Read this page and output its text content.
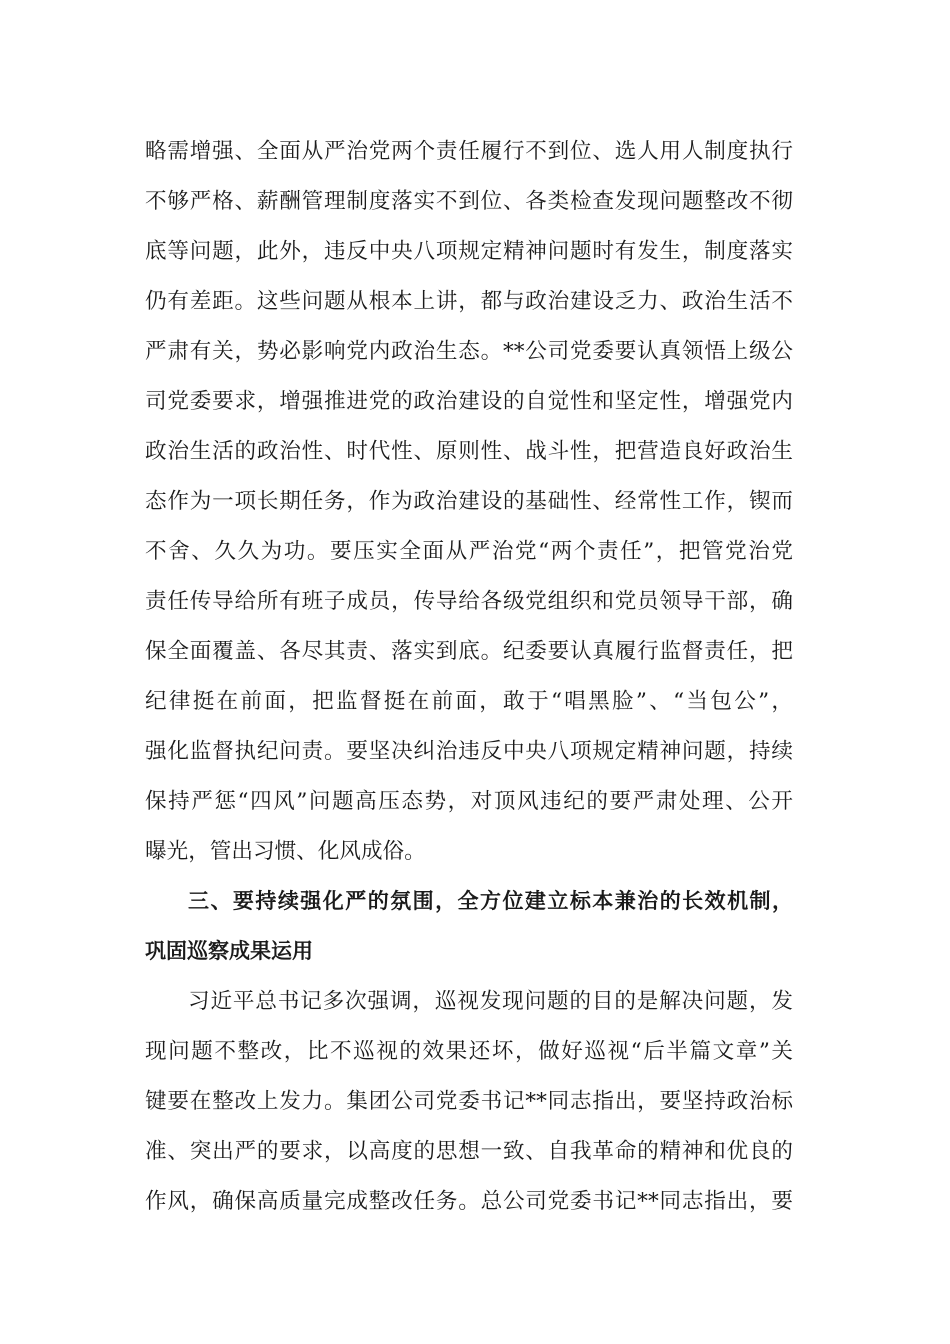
略需增强、全面从严治党两个责任履行不到位、选人用人制度执行
不够严格、薪酬管理制度落实不到位、各类检查发现问题整改不彻
底等问题，此外，违反中央八项规定精神问题时有发生，制度落实
仍有差距。这些问题从根本上讲，都与政治建设乏力、政治生活不
严肃有关，势必影响党内政治生态。**公司党委要认真领悟上级公
司党委要求，增强推进党的政治建设的自觉性和坚定性，增强党内
政治生活的政治性、时代性、原则性、战斗性，把营造良好政治生
态作为一项长期任务，作为政治建设的基础性、经常性工作，锲而
不舍、久久为功。要压实全面从严治党“两个责任”，把管党治党
责任传导给所有班子成员，传导给各级党组织和党员领导干部，确
保全面覆盖、各尽其责、落实到底。纪委要认真履行监督责任，把
纪律挺在前面，把监督挺在前面，敢于“唱黑脸”、“当包公”，
强化监督执纪问责。要坚决纠治违反中央八项规定精神问题，持续
保持严惩“四风”问题高压态势，对顶风违纪的要严肃处理、公开
曝光，管出习惯、化风成俗。
三、要持续强化严的氛围，全方位建立标本兼治的长效机制，
巩固巡察成果运用
习近平总书记多次强调，巡视发现问题的目的是解决问题，发
现问题不整改，比不巡视的效果还坏，做好巡视“后半篇文章”关
键要在整改上发力。集团公司党委书记**同志指出，要坚持政治标
准、突出严的要求，以高度的思想一致、自我革命的精神和优良的
作风，确保高质量完成整改任务。总公司党委书记**同志指出，要
